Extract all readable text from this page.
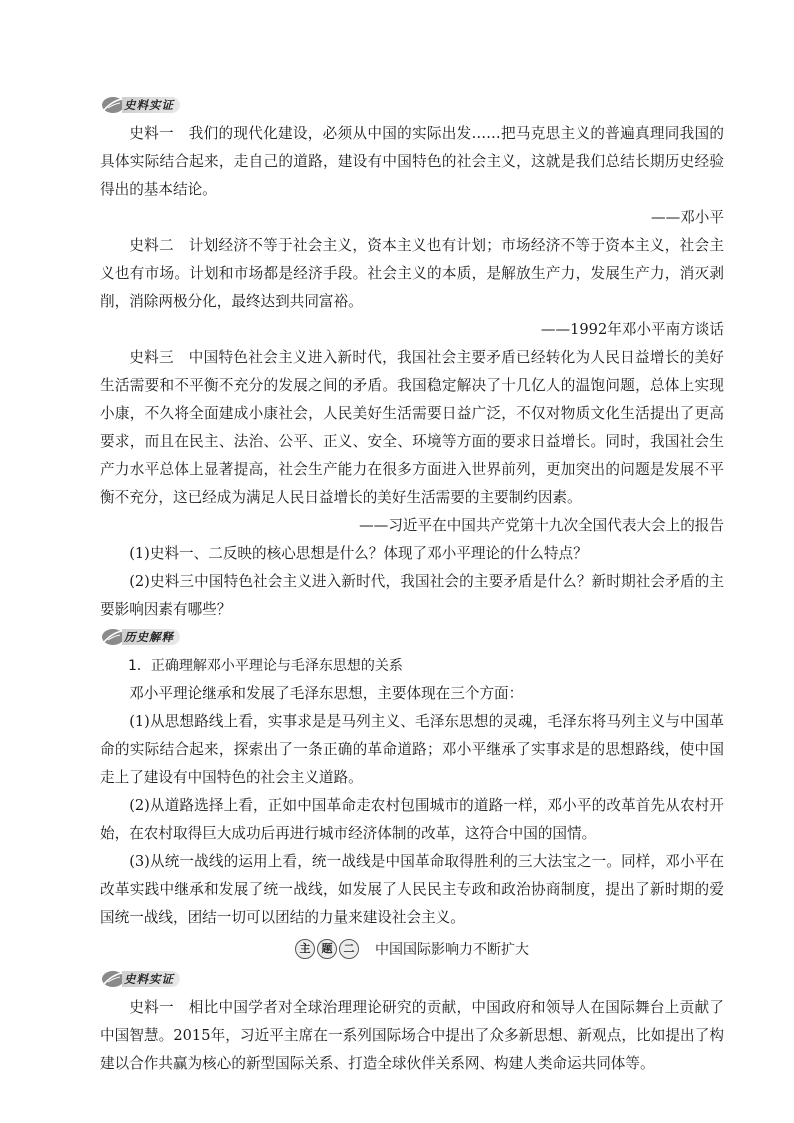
史料实证

史料一　我们的现代化建设，必须从中国的实际出发……把马克思主义的普遍真理同我国的具体实际结合起来，走自己的道路，建设有中国特色的社会主义，这就是我们总结长期历史经验得出的基本结论。

——邓小平

史料二　计划经济不等于社会主义，资本主义也有计划；市场经济不等于资本主义，社会主义也有市场。计划和市场都是经济手段。社会主义的本质，是解放生产力，发展生产力，消灭剥削，消除两极分化，最终达到共同富裕。

——1992年邓小平南方谈话

史料三　中国特色社会主义进入新时代，我国社会主要矛盾已经转化为人民日益增长的美好生活需要和不平衡不充分的发展之间的矛盾。我国稳定解决了十几亿人的温饱问题，总体上实现小康，不久将全面建成小康社会，人民美好生活需要日益广泛，不仅对物质文化生活提出了更高要求，而且在民主、法治、公平、正义、安全、环境等方面的要求日益增长。同时，我国社会生产力水平总体上显著提高，社会生产能力在很多方面进入世界前列，更加突出的问题是发展不平衡不充分，这已经成为满足人民日益增长的美好生活需要的主要制约因素。

——习近平在中国共产党第十九次全国代表大会上的报告

(1)史料一、二反映的核心思想是什么？体现了邓小平理论的什么特点？

(2)史料三中国特色社会主义进入新时代，我国社会的主要矛盾是什么？新时期社会矛盾的主要影响因素有哪些？

历史解释

1．正确理解邓小平理论与毛泽东思想的关系

邓小平理论继承和发展了毛泽东思想，主要体现在三个方面：

(1)从思想路线上看，实事求是是马列主义、毛泽东思想的灵魂，毛泽东将马列主义与中国革命的实际结合起来，探索出了一条正确的革命道路；邓小平继承了实事求是的思想路线，使中国走上了建设有中国特色的社会主义道路。

(2)从道路选择上看，正如中国革命走农村包围城市的道路一样，邓小平的改革首先从农村开始，在农村取得巨大成功后再进行城市经济体制的改革，这符合中国的国情。

(3)从统一战线的运用上看，统一战线是中国革命取得胜利的三大法宝之一。同样，邓小平在改革实践中继承和发展了统一战线，如发展了人民民主专政和政治协商制度，提出了新时期的爱国统一战线，团结一切可以团结的力量来建设社会主义。

主	题	二	中国国际影响力不断扩大
史料实证

史料一　相比中国学者对全球治理理论研究的贡献，中国政府和领导人在国际舞台上贡献了中国智慧。2015年，习近平主席在一系列国际场合中提出了众多新思想、新观点，比如提出了构建以合作共赢为核心的新型国际关系、打造全球伙伴关系网、构建人类命运共同体等。
